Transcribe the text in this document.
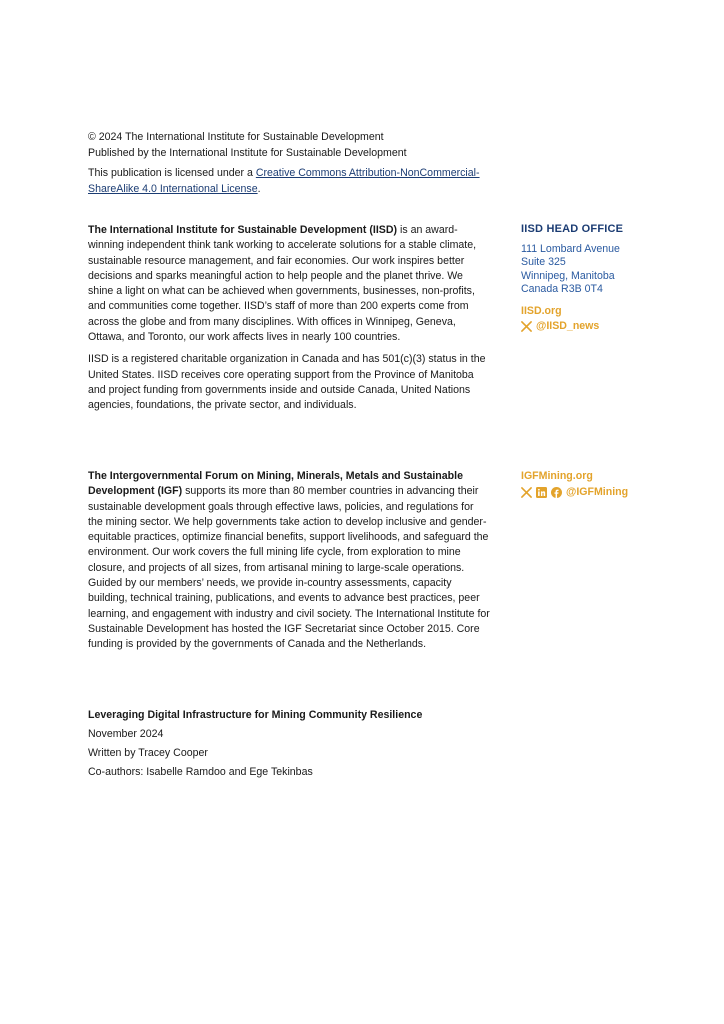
© 2024 The International Institute for Sustainable Development

Published by the International Institute for Sustainable Development

This publication is licensed under a Creative Commons Attribution-NonCommercial-ShareAlike 4.0 International License.

The International Institute for Sustainable Development (IISD) is an award-winning independent think tank working to accelerate solutions for a stable climate, sustainable resource management, and fair economies. Our work inspires better decisions and sparks meaningful action to help people and the planet thrive. We shine a light on what can be achieved when governments, businesses, non-profits, and communities come together. IISD’s staff of more than 200 experts come from across the globe and from many disciplines. With offices in Winnipeg, Geneva, Ottawa, and Toronto, our work affects lives in nearly 100 countries.

IISD is a registered charitable organization in Canada and has 501(c)(3) status in the United States. IISD receives core operating support from the Province of Manitoba and project funding from governments inside and outside Canada, United Nations agencies, foundations, the private sector, and individuals.

IISD HEAD OFFICE
111 Lombard Avenue
Suite 325
Winnipeg, Manitoba
Canada R3B 0T4
IISD.org
@IISD_news

The Intergovernmental Forum on Mining, Minerals, Metals and Sustainable Development (IGF) supports its more than 80 member countries in advancing their sustainable development goals through effective laws, policies, and regulations for the mining sector. We help governments take action to develop inclusive and gender-equitable practices, optimize financial benefits, support livelihoods, and safeguard the environment. Our work covers the full mining life cycle, from exploration to mine closure, and projects of all sizes, from artisanal mining to large-scale operations. Guided by our members’ needs, we provide in-country assessments, capacity building, technical training, publications, and events to advance best practices, peer learning, and engagement with industry and civil society. The International Institute for Sustainable Development has hosted the IGF Secretariat since October 2015. Core funding is provided by the governments of Canada and the Netherlands.

IGFMining.org
@IGFMining
Leveraging Digital Infrastructure for Mining Community Resilience
November 2024
Written by Tracey Cooper
Co-authors: Isabelle Ramdoo and Ege Tekinbas
